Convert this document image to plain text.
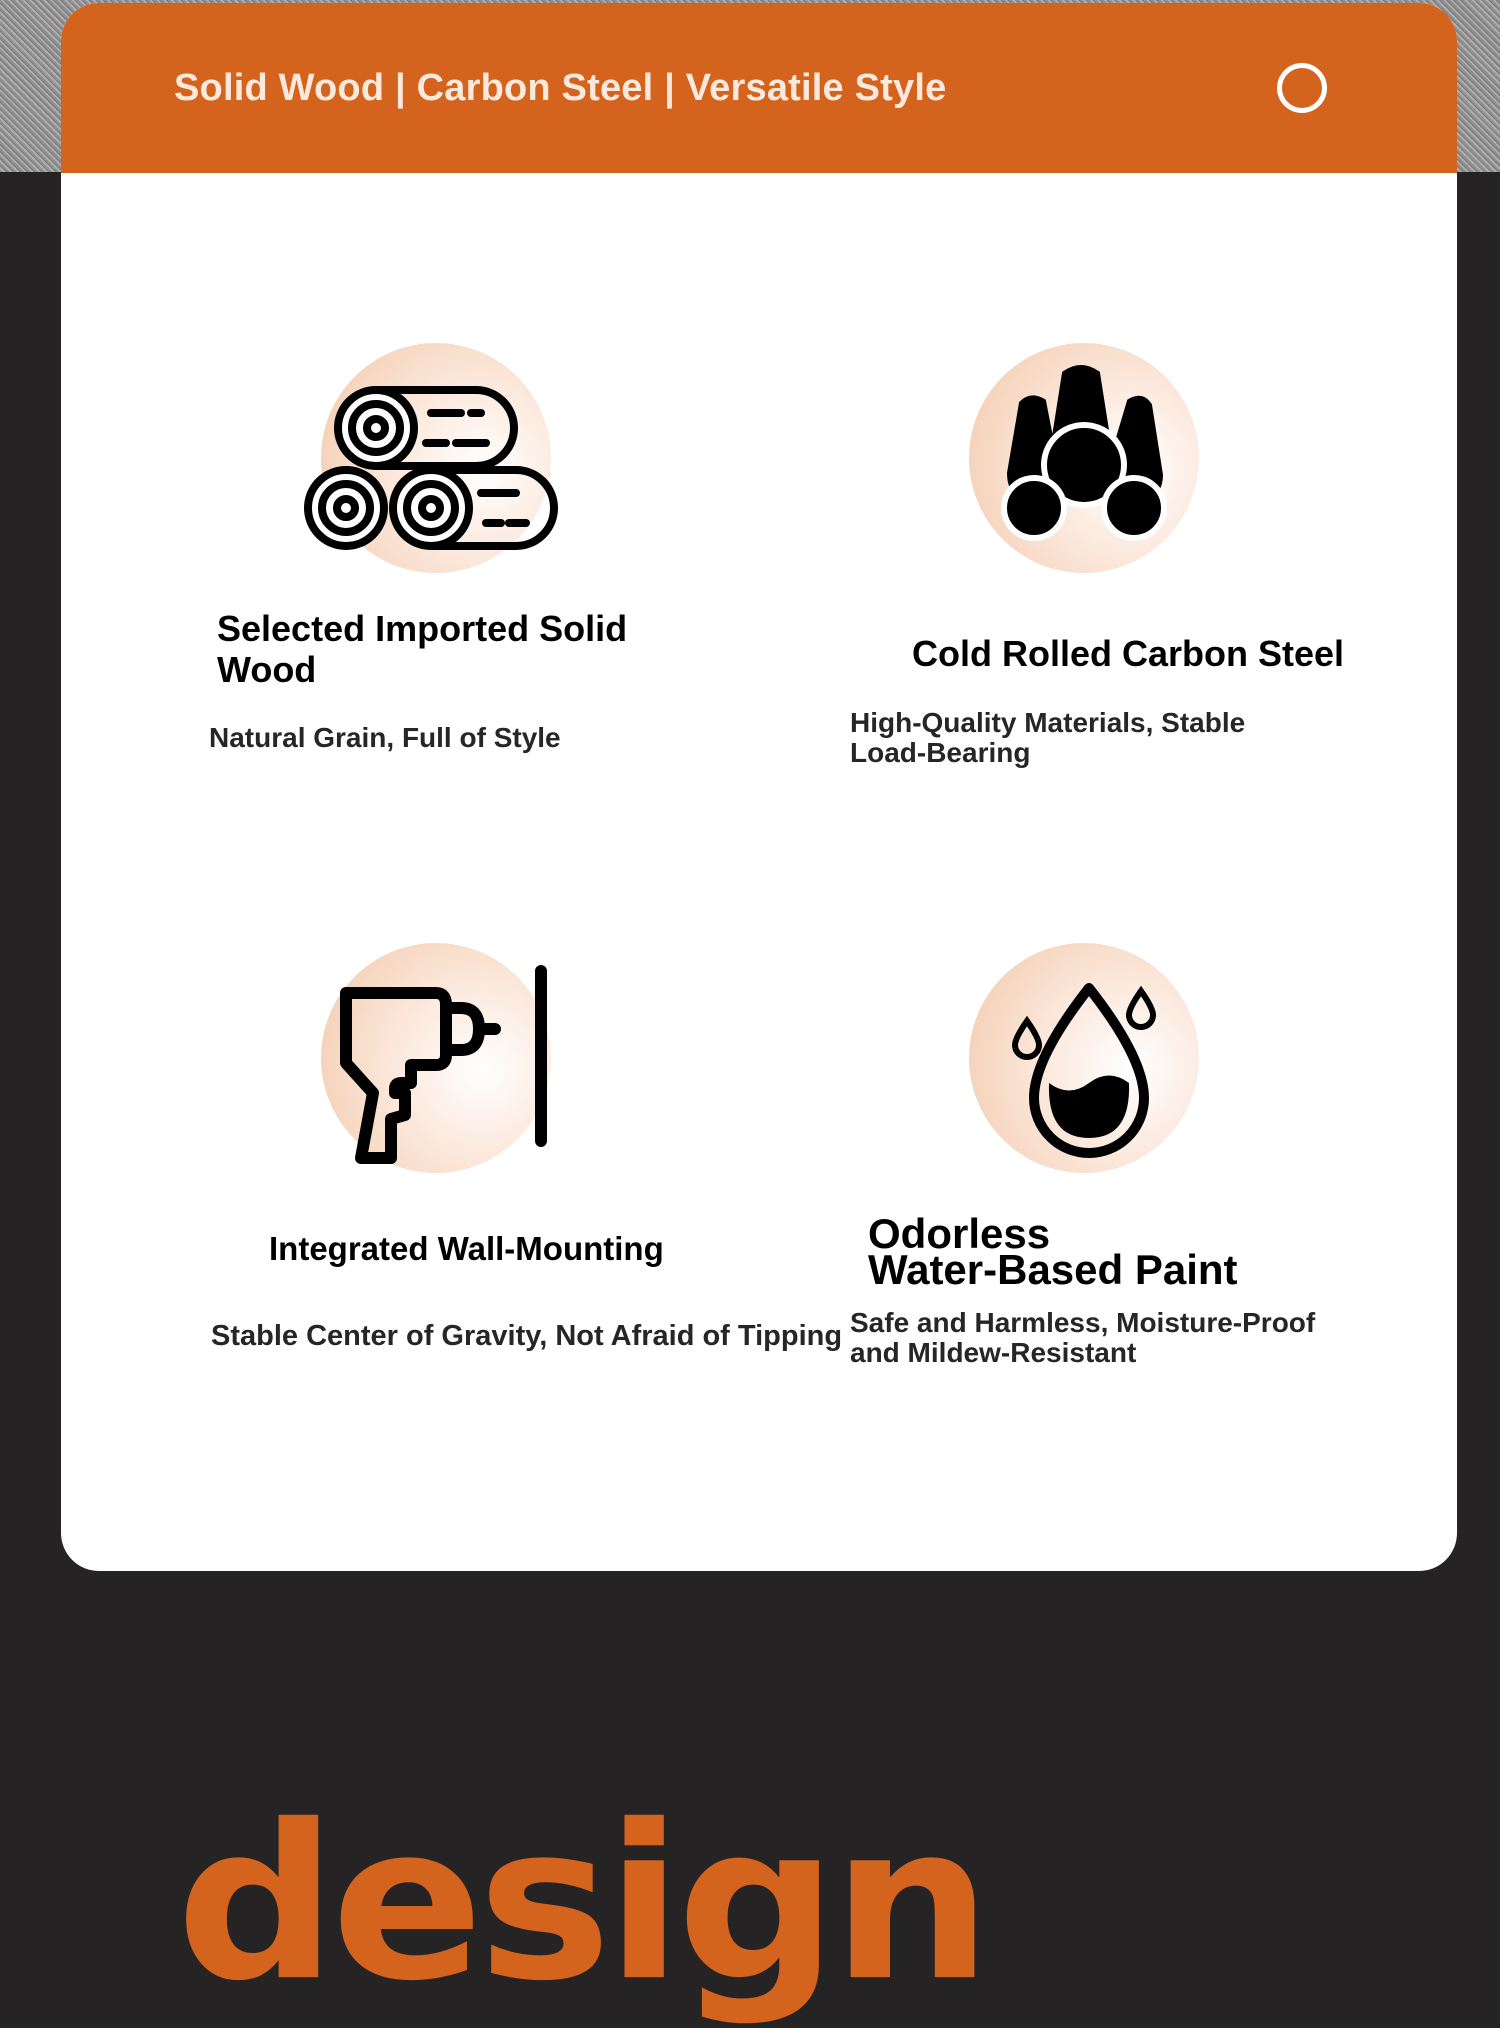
Solid Wood | Carbon Steel | Versatile Style
Selected Imported Solid
Wood
Natural Grain, Full of Style
Cold Rolled Carbon Steel
High-Quality Materials, Stable
Load-Bearing
Integrated Wall-Mounting
Stable Center of Gravity, Not Afraid of Tipping
Odorless
Water-Based Paint
Safe and Harmless, Moisture-Proof
and Mildew-Resistant
design
